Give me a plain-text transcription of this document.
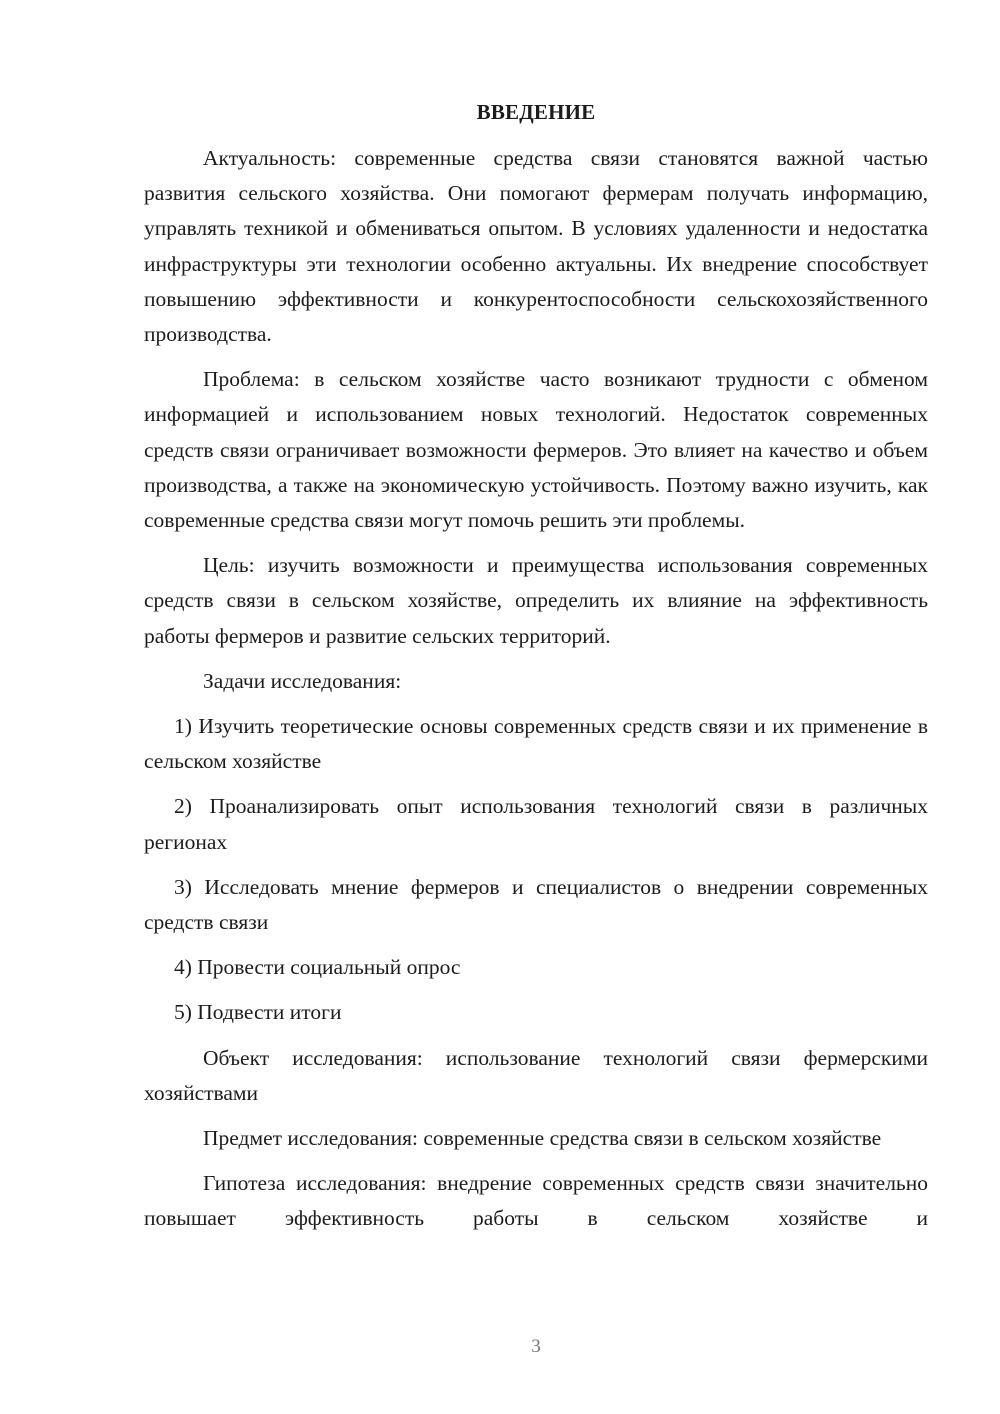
ВВЕДЕНИЕ

Актуальность: современные средства связи становятся важной частью развития сельского хозяйства. Они помогают фермерам получать информацию, управлять техникой и обмениваться опытом. В условиях удаленности и недостатка инфраструктуры эти технологии особенно актуальны. Их внедрение способствует повышению эффективности и конкурентоспособности сельскохозяйственного производства.

Проблема: в сельском хозяйстве часто возникают трудности с обменом информацией и использованием новых технологий. Недостаток современных средств связи ограничивает возможности фермеров. Это влияет на качество и объем производства, а также на экономическую устойчивость. Поэтому важно изучить, как современные средства связи могут помочь решить эти проблемы.

Цель: изучить возможности и преимущества использования современных средств связи в сельском хозяйстве, определить их влияние на эффективность работы фермеров и развитие сельских территорий.

Задачи исследования:

1) Изучить теоретические основы современных средств связи и их применение в сельском хозяйстве

2) Проанализировать опыт использования технологий связи в различных регионах

3) Исследовать мнение фермеров и специалистов о внедрении современных средств связи

4) Провести социальный опрос

5) Подвести итоги

Объект исследования: использование технологий связи фермерскими хозяйствами

Предмет исследования: современные средства связи в сельском хозяйстве

Гипотеза исследования: внедрение современных средств связи значительно повышает эффективность работы в сельском хозяйстве и

3
